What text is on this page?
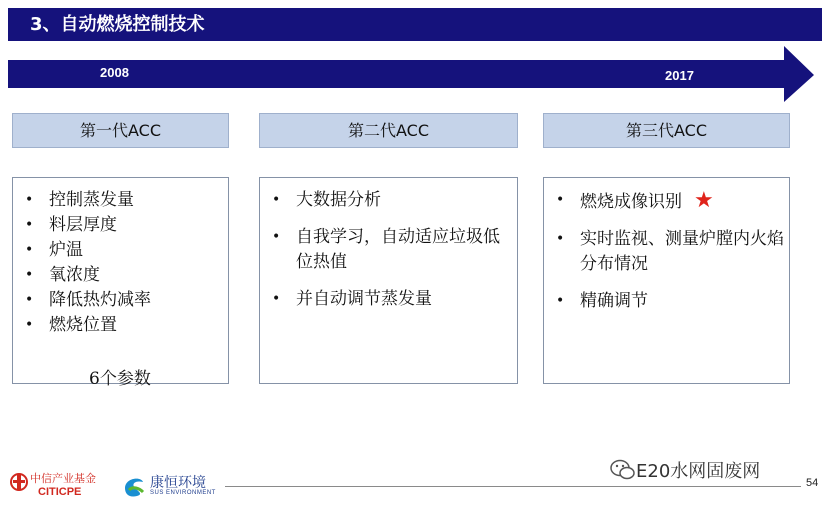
3、自动燃烧控制技术
2008	2017
第一代ACC	第二代ACC	第三代ACC
• 控制蒸发量
• 料层厚度
• 炉温
• 氧浓度
• 降低热灼减率
• 燃烧位置
6个参数
• 大数据分析
• 自我学习，自动适应垃圾低位热值
• 并自动调节蒸发量
• 燃烧成像识别 ★
• 实时监视、测量炉膛内火焰分布情况
• 精确调节
中信产业基金
CITICPE
康恒环境
SUS ENVIRONMENT
E20水网固废网
54
